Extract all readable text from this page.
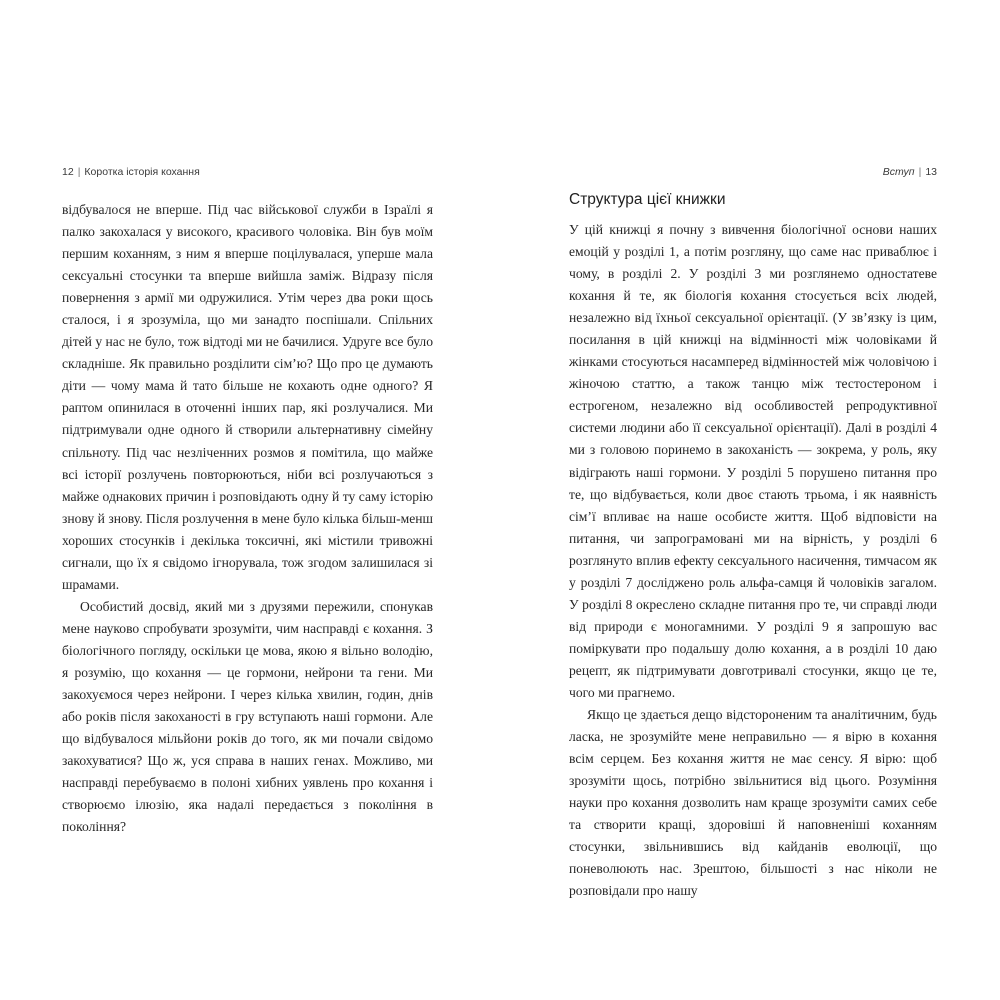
12 | Коротка історія кохання

відбувалося не вперше. Під час військової служби в Ізраїлі я палко закохалася у високого, красивого чоловіка. Він був моїм першим коханням, з ним я вперше поцілувалася, уперше мала сексуальні стосунки та вперше вийшла заміж. Відразу після повернення з армії ми одружилися. Утім через два роки щось сталося, і я зрозуміла, що ми занадто поспішали. Спільних дітей у нас не було, тож відтоді ми не бачилися. Удруге все було складніше. Як правильно розділити сім’ю? Що про це думають діти — чому мама й тато більше не кохають одне одного? Я раптом опинилася в оточенні інших пар, які розлучалися. Ми підтримували одне одного й створили альтернативну сімейну спільноту. Під час незліченних розмов я помітила, що майже всі історії розлучень повторюються, ніби всі розлучаються з майже однакових причин і розповідають одну й ту саму історію знову й знову. Після розлучення в мене було кілька більш-менш хороших стосунків і декілька токсичні, які містили тривожні сигнали, що їх я свідомо ігнорувала, тож згодом залишилася зі шрамами.

Особистий досвід, який ми з друзями пережили, спонукав мене науково спробувати зрозуміти, чим насправді є кохання. З біологічного погляду, оскільки це мова, якою я вільно володію, я розумію, що кохання — це гормони, нейрони та гени. Ми закохуємося через нейрони. І через кілька хвилин, годин, днів або років після закоханості в гру вступають наші гормони. Але що відбувалося мільйони років до того, як ми почали свідомо закохуватися? Що ж, уся справа в наших генах. Можливо, ми насправді перебуваємо в полоні хибних уявлень про кохання і створюємо ілюзію, яка надалі передається з покоління в покоління?

Вступ | 13
Структура цієї книжки

У цій книжці я почну з вивчення біологічної основи наших емоцій у розділі 1, а потім розгляну, що саме нас приваблює і чому, в розділі 2. У розділі 3 ми розглянемо одностатеве кохання й те, як біологія кохання стосується всіх людей, незалежно від їхньої сексуальної орієнтації. (У зв’язку із цим, посилання в цій книжці на відмінності між чоловіками й жінками стосуються насамперед відмінностей між чоловічою і жіночою статтю, а також танцю між тестостероном і естрогеном, незалежно від особливостей репродуктивної системи людини або її сексуальної орієнтації). Далі в розділі 4 ми з головою поринемо в закоханість — зокрема, у роль, яку відіграють наші гормони. У розділі 5 порушено питання про те, що відбувається, коли двоє стають трьома, і як наявність сім’ї впливає на наше особисте життя. Щоб відповісти на питання, чи запрограмовані ми на вірність, у розділі 6 розглянуто вплив ефекту сексуального насичення, тимчасом як у розділі 7 досліджено роль альфа-самця й чоловіків загалом. У розділі 8 окреслено складне питання про те, чи справді люди від природи є моногамними. У розділі 9 я запрошую вас поміркувати про подальшу долю кохання, а в розділі 10 даю рецепт, як підтримувати довготривалі стосунки, якщо це те, чого ми прагнемо.

Якщо це здається дещо відстороненим та аналітичним, будь ласка, не зрозумійте мене неправильно — я вірю в кохання всім серцем. Без кохання життя не має сенсу. Я вірю: щоб зрозуміти щось, потрібно звільнитися від цього. Розуміння науки про кохання дозволить нам краще зрозуміти самих себе та створити кращі, здоровіші й наповненіші коханням стосунки, звільнившись від кайданів еволюції, що поневолюють нас. Зрештою, більшості з нас ніколи не розповідали про нашу
